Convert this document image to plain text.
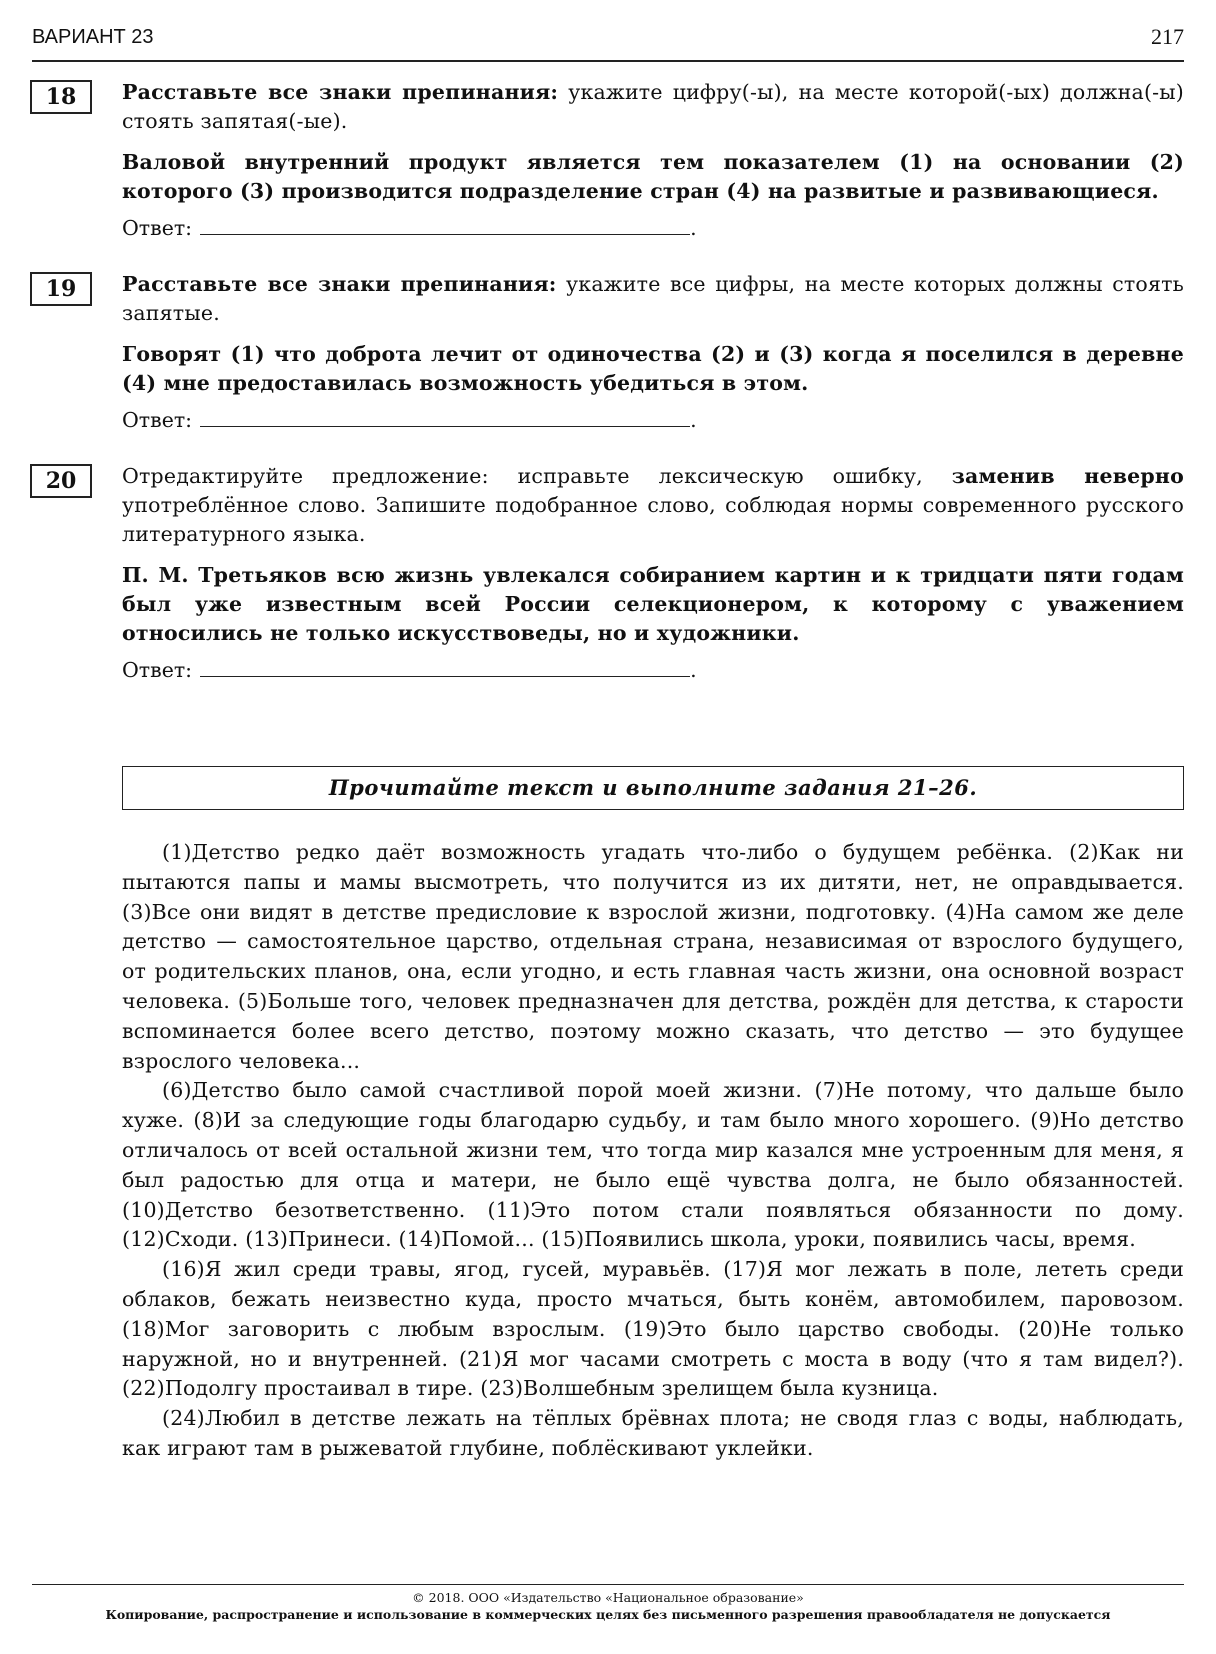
ВАРИАНТ 23	217
18	Расставьте все знаки препинания: укажите цифру(-ы), на месте которой(-ых) должна(-ы) стоять запятая(-ые).

Валовой внутренний продукт является тем показателем (1) на основании (2) которого (3) производится подразделение стран (4) на развитые и развивающиеся.

Ответ:	.
19	Расставьте все знаки препинания: укажите все цифры, на месте которых должны стоять запятые.

Говорят (1) что доброта лечит от одиночества (2) и (3) когда я поселился в деревне (4) мне предоставилась возможность убедиться в этом.

Ответ:	.
20	Отредактируйте предложение: исправьте лексическую ошибку, заменив неверно употреблённое слово. Запишите подобранное слово, соблюдая нормы современного русского литературного языка.

П. М. Третьяков всю жизнь увлекался собиранием картин и к тридцати пяти годам был уже известным всей России селекционером, к которому с уважением относились не только искусствоведы, но и художники.

Ответ:	.
Прочитайте текст и выполните задания 21–26.

(1)Детство редко даёт возможность угадать что-либо о будущем ребёнка. (2)Как ни пытаются папы и мамы высмотреть, что получится из их дитяти, нет, не оправдывается. (3)Все они видят в детстве предисловие к взрослой жизни, подготовку. (4)На самом же деле детство — самостоятельное царство, отдельная страна, независимая от взрослого будущего, от родительских планов, она, если угодно, и есть главная часть жизни, она основной возраст человека. (5)Больше того, человек предназначен для детства, рождён для детства, к старости вспоминается более всего детство, поэтому можно сказать, что детство — это будущее взрослого человека...

(6)Детство было самой счастливой порой моей жизни. (7)Не потому, что дальше было хуже. (8)И за следующие годы благодарю судьбу, и там было много хорошего. (9)Но детство отличалось от всей остальной жизни тем, что тогда мир казался мне устроенным для меня, я был радостью для отца и матери, не было ещё чувства долга, не было обязанностей. (10)Детство безответственно. (11)Это потом стали появляться обязанности по дому. (12)Сходи. (13)Принеси. (14)Помой... (15)Появились школа, уроки, появились часы, время.

(16)Я жил среди травы, ягод, гусей, муравьёв. (17)Я мог лежать в поле, лететь среди облаков, бежать неизвестно куда, просто мчаться, быть конём, автомобилем, паровозом. (18)Мог заговорить с любым взрослым. (19)Это было царство свободы. (20)Не только наружной, но и внутренней. (21)Я мог часами смотреть с моста в воду (что я там видел?). (22)Подолгу простаивал в тире. (23)Волшебным зрелищем была кузница.

(24)Любил в детстве лежать на тёплых брёвнах плота; не сводя глаз с воды, наблюдать, как играют там в рыжеватой глубине, поблёскивают уклейки.

© 2018. ООО «Издательство «Национальное образование»
Копирование, распространение и использование в коммерческих целях без письменного разрешения правообладателя не допускается
